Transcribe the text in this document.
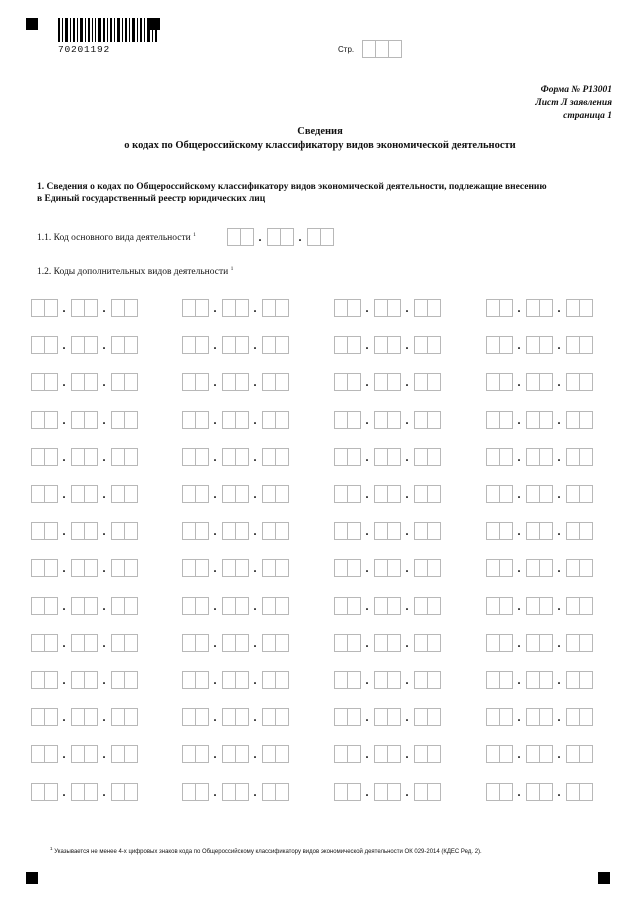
70201192	Стр.
Форма № Р13001
Лист Л заявления
страница 1
Сведения
о кодах по Общероссийскому классификатору видов экономической деятельности
1. Сведения о кодах по Общероссийскому классификатору видов экономической деятельности, подлежащие внесению
в Единый государственный реестр юридических лиц
1.1. Код основного вида деятельности $^1$	.	.
1.2. Коды дополнительных видов деятельности $^1$
.	.	.	.	.	.	.	.
.	.	.	.	.	.	.	.
.	.	.	.	.	.	.	.
.	.	.	.	.	.	.	.
.	.	.	.	.	.	.	.
.	.	.	.	.	.	.	.
.	.	.	.	.	.	.	.
.	.	.	.	.	.	.	.
.	.	.	.	.	.	.	.
.	.	.	.	.	.	.	.
.	.	.	.	.	.	.	.
.	.	.	.	.	.	.	.
.	.	.	.	.	.	.	.
.	.	.	.	.	.	.	.
$^1$ Указывается не менее 4-х цифровых знаков кода по Общероссийскому классификатору видов экономической деятельности ОК 029-2014 (КДЕС Ред. 2).
